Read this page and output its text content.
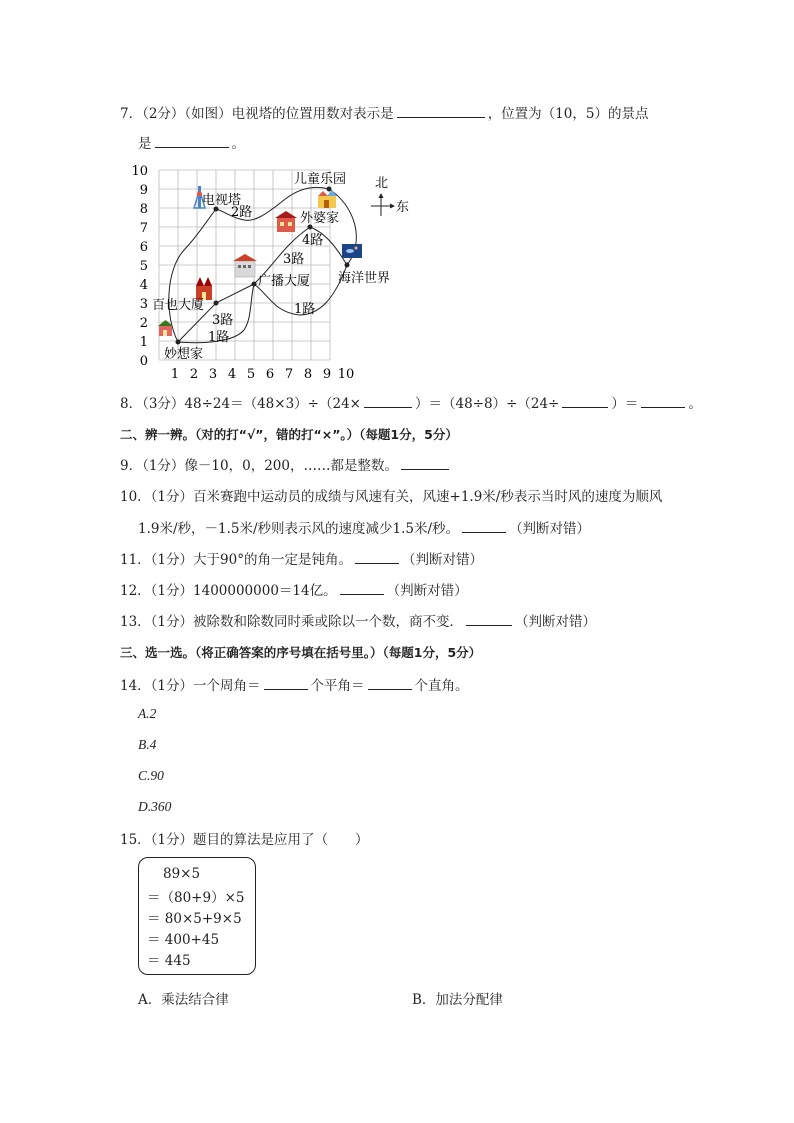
7．（2分）（如图）电视塔的位置用数对表示是	，位置为（10，5）的景点
是	。
0
1
2
3
4
5
6
7
8
9
10
1 2 3 4 5 6 7 8 9 10
电视塔
儿童乐园
外婆家
广播大厦 海洋世界
百也大厦
妙想家
2路
4路
3路
1路
3路
1路
北
东
8．（3分）48÷24＝（48×3）÷（24×	）＝（48÷8）÷（24÷	）＝	。
二、辨一辨。（对的打“√”，错的打“×”。）（每题1分，5分）
9．（1分）像－10，0，200，……都是整数。
10．（1分）百米赛跑中运动员的成绩与风速有关，风速+1.9米/秒表示当时风的速度为顺风
1.9米/秒，－1.5米/秒则表示风的速度减少1.5米/秒。	（判断对错）
11．（1分）大于90°的角一定是钝角。	（判断对错）
12．（1分）1400000000＝14亿。	（判断对错）
13．（1分）被除数和除数同时乘或除以一个数，商不变．	（判断对错）
三、选一选。（将正确答案的序号填在括号里。）（每题1分，5分）
14．（1分）一个周角＝	个平角＝	个直角。
A.2
B.4
C.90
D.360
15．（1分）题目的算法是应用了（　　）
89×5
＝（80+9）×5
＝ 80×5+9×5
＝ 400+45
＝ 445
A．乘法结合律	B．加法分配律
